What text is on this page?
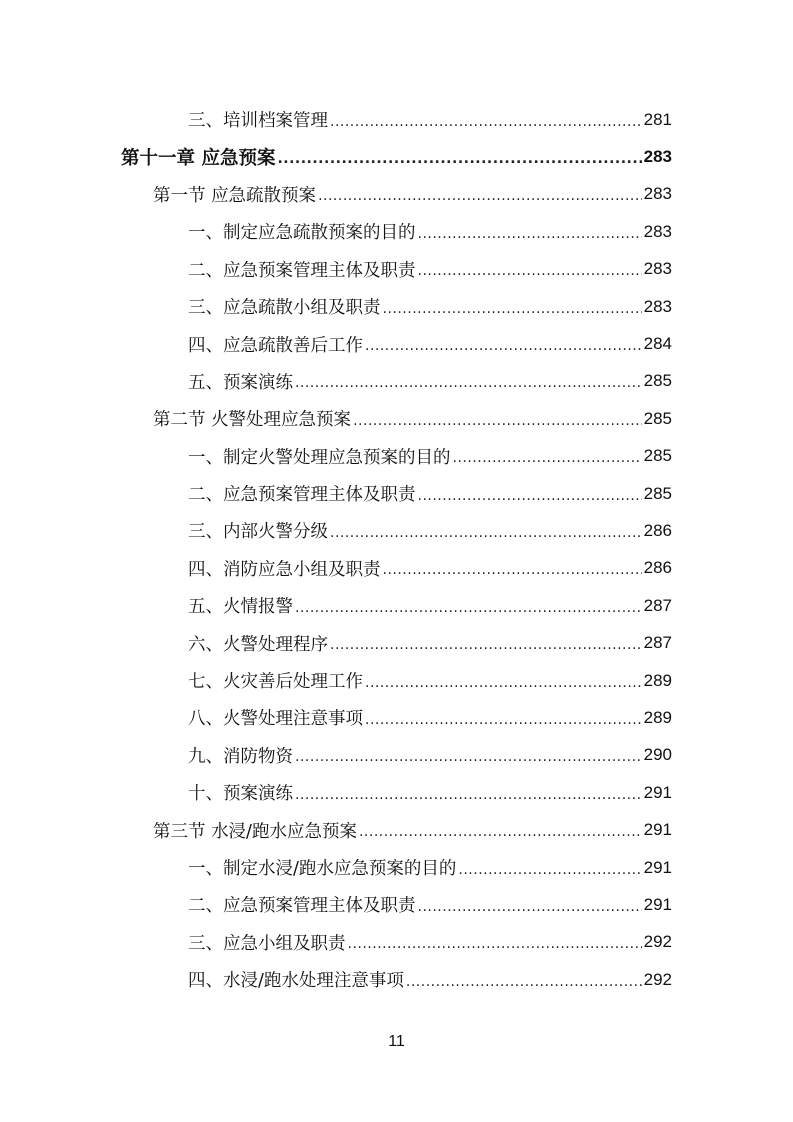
三、培训档案管理 .....	281
第十一章 应急预案 .....	283
第一节 应急疏散预案 .....	283
一、制定应急疏散预案的目的 .....	283
二、应急预案管理主体及职责 .....	283
三、应急疏散小组及职责 .....	283
四、应急疏散善后工作 .....	284
五、预案演练 .....	285
第二节 火警处理应急预案 .....	285
一、制定火警处理应急预案的目的 .....	285
二、应急预案管理主体及职责 .....	285
三、内部火警分级 .....	286
四、消防应急小组及职责 .....	286
五、火情报警 .....	287
六、火警处理程序 .....	287
七、火灾善后处理工作 .....	289
八、火警处理注意事项 .....	289
九、消防物资 .....	290
十、预案演练 .....	291
第三节 水浸/跑水应急预案 .....	291
一、制定水浸/跑水应急预案的目的 .....	291
二、应急预案管理主体及职责 .....	291
三、应急小组及职责 .....	292
四、水浸/跑水处理注意事项 .....	292
11
